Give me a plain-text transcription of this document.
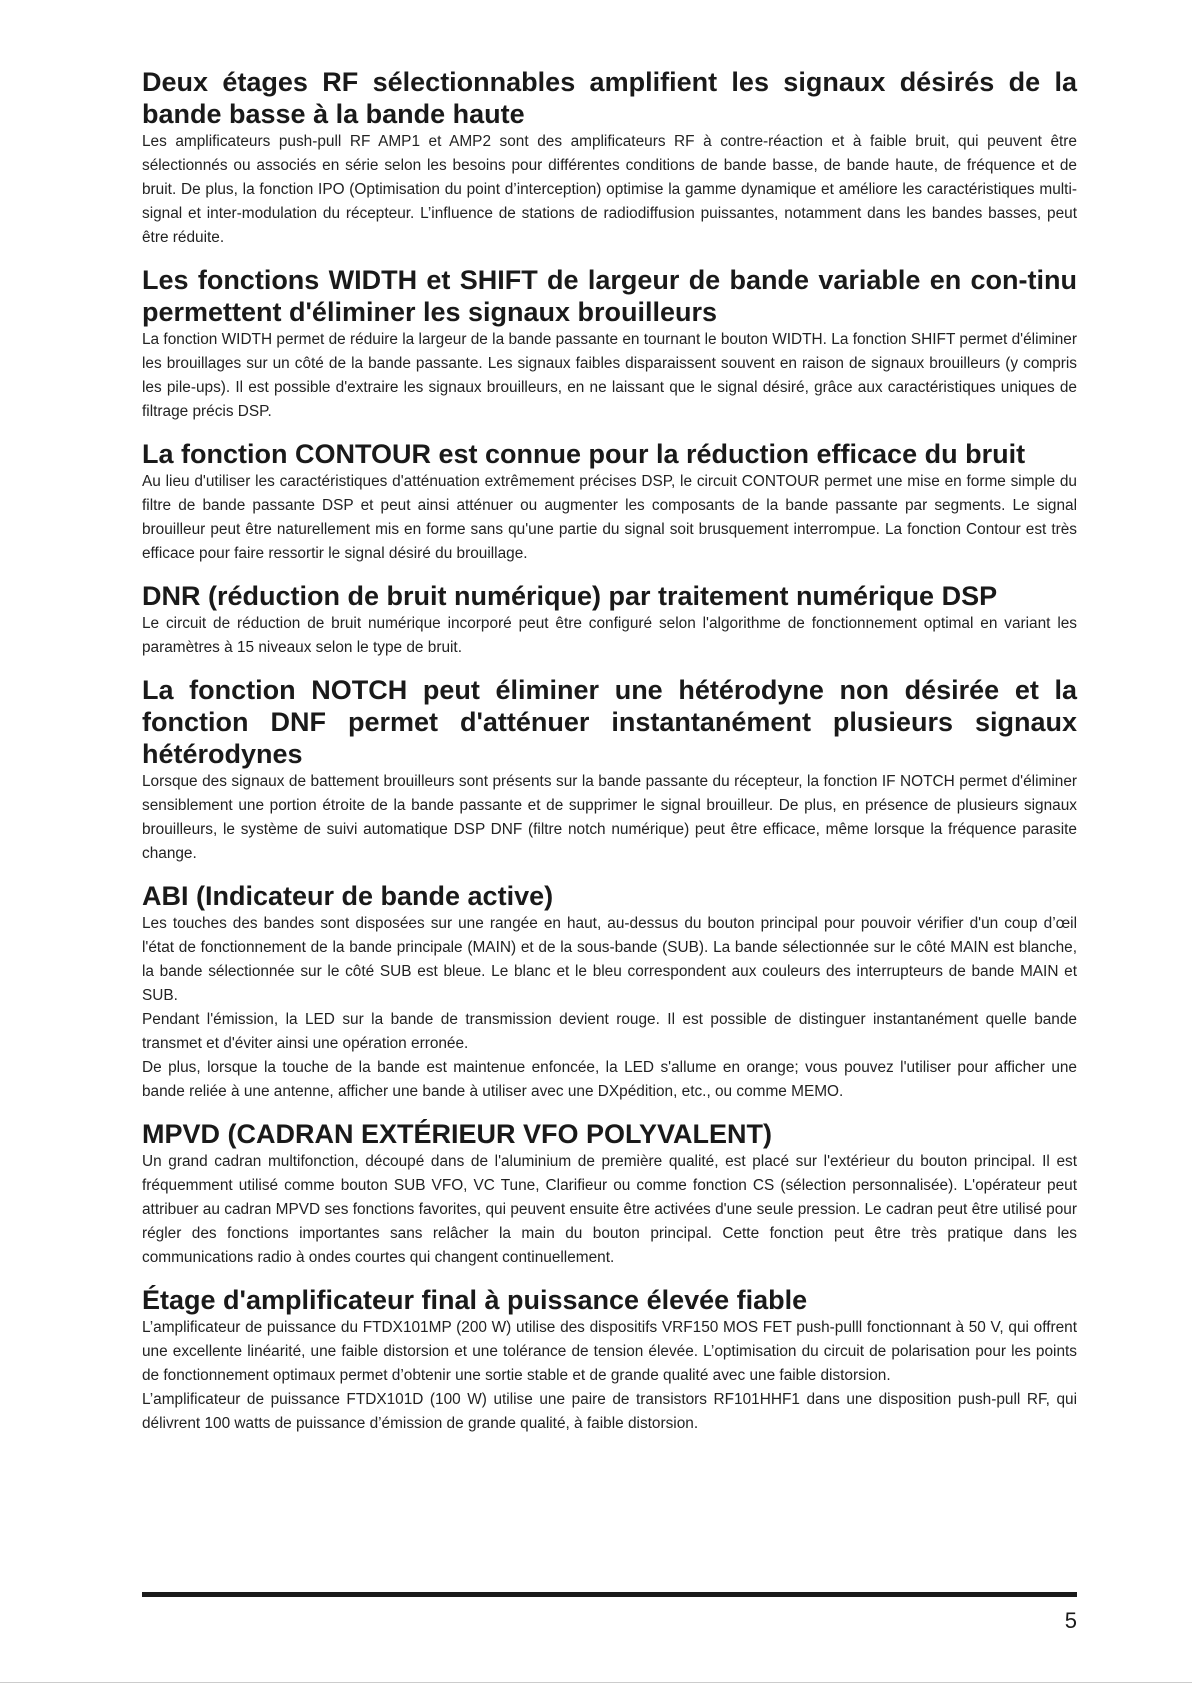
Deux étages RF sélectionnables amplifient les signaux désirés de la bande basse à la bande haute

Les amplificateurs push-pull RF AMP1 et AMP2 sont des amplificateurs RF à contre-réaction et à faible bruit, qui peuvent être sélectionnés ou associés en série selon les besoins pour différentes conditions de bande basse, de bande haute, de fréquence et de bruit. De plus, la fonction IPO (Optimisation du point d’interception) optimise la gamme dynamique et améliore les caractéristiques multi-signal et inter-modulation du récepteur. L’influence de stations de radiodiffusion puissantes, notamment dans les bandes basses, peut être réduite.

Les fonctions WIDTH et SHIFT de largeur de bande variable en con-tinu permettent d'éliminer les signaux brouilleurs

La fonction WIDTH permet de réduire la largeur de la bande passante en tournant le bouton WIDTH. La fonction SHIFT permet d'éliminer les brouillages sur un côté de la bande passante. Les signaux faibles disparaissent souvent en raison de signaux brouilleurs (y compris les pile-ups). Il est possible d'extraire les signaux brouilleurs, en ne laissant que le signal désiré, grâce aux caractéristiques uniques de filtrage précis DSP.

La fonction CONTOUR est connue pour la réduction efficace du bruit

Au lieu d'utiliser les caractéristiques d'atténuation extrêmement précises DSP, le circuit CONTOUR permet une mise en forme simple du filtre de bande passante DSP et peut ainsi atténuer ou augmenter les composants de la bande passante par segments. Le signal brouilleur peut être naturellement mis en forme sans qu'une partie du signal soit brusquement interrompue. La fonction Contour est très efficace pour faire ressortir le signal désiré du brouillage.

DNR (réduction de bruit numérique) par traitement numérique DSP

Le circuit de réduction de bruit numérique incorporé peut être configuré selon l'algorithme de fonctionnement optimal en variant les paramètres à 15 niveaux selon le type de bruit.

La fonction NOTCH peut éliminer une hétérodyne non désirée et la fonction DNF permet d'atténuer instantanément plusieurs signaux hétérodynes

Lorsque des signaux de battement brouilleurs sont présents sur la bande passante du récepteur, la fonction IF NOTCH permet d'éliminer sensiblement une portion étroite de la bande passante et de supprimer le signal brouilleur. De plus, en présence de plusieurs signaux brouilleurs, le système de suivi automatique DSP DNF (filtre notch numérique) peut être efficace, même lorsque la fréquence parasite change.

ABI (Indicateur de bande active)

Les touches des bandes sont disposées sur une rangée en haut, au-dessus du bouton principal pour pouvoir vérifier d'un coup d’œil l'état de fonctionnement de la bande principale (MAIN) et de la sous-bande (SUB). La bande sélectionnée sur le côté MAIN est blanche, la bande sélectionnée sur le côté SUB est bleue. Le blanc et le bleu correspondent aux couleurs des interrupteurs de bande MAIN et SUB.

Pendant l'émission, la LED sur la bande de transmission devient rouge. Il est possible de distinguer instantanément quelle bande transmet et d'éviter ainsi une opération erronée.

De plus, lorsque la touche de la bande est maintenue enfoncée, la LED s'allume en orange; vous pouvez l'utiliser pour afficher une bande reliée à une antenne, afficher une bande à utiliser avec une DXpédition, etc., ou comme MEMO.

MPVD (CADRAN EXTÉRIEUR VFO POLYVALENT)

Un grand cadran multifonction, découpé dans de l'aluminium de première qualité, est placé sur l'extérieur du bouton principal. Il est fréquemment utilisé comme bouton SUB VFO, VC Tune, Clarifieur ou comme fonction CS (sélection personnalisée). L'opérateur peut attribuer au cadran MPVD ses fonctions favorites, qui peuvent ensuite être activées d'une seule pression. Le cadran peut être utilisé pour régler des fonctions importantes sans relâcher la main du bouton principal. Cette fonction peut être très pratique dans les communications radio à ondes courtes qui changent continuellement.

Étage d'amplificateur final à puissance élevée fiable

L’amplificateur de puissance du FTDX101MP (200 W) utilise des dispositifs VRF150 MOS FET push-pulll fonctionnant à 50 V, qui offrent une excellente linéarité, une faible distorsion et une tolérance de tension élevée. L’optimisation du circuit de polarisation pour les points de fonctionnement optimaux permet d’obtenir une sortie stable et de grande qualité avec une faible distorsion.

L’amplificateur de puissance FTDX101D (100 W) utilise une paire de transistors RF101HHF1 dans une disposition push-pull RF, qui délivrent 100 watts de puissance d’émission de grande qualité, à faible distorsion.

5
